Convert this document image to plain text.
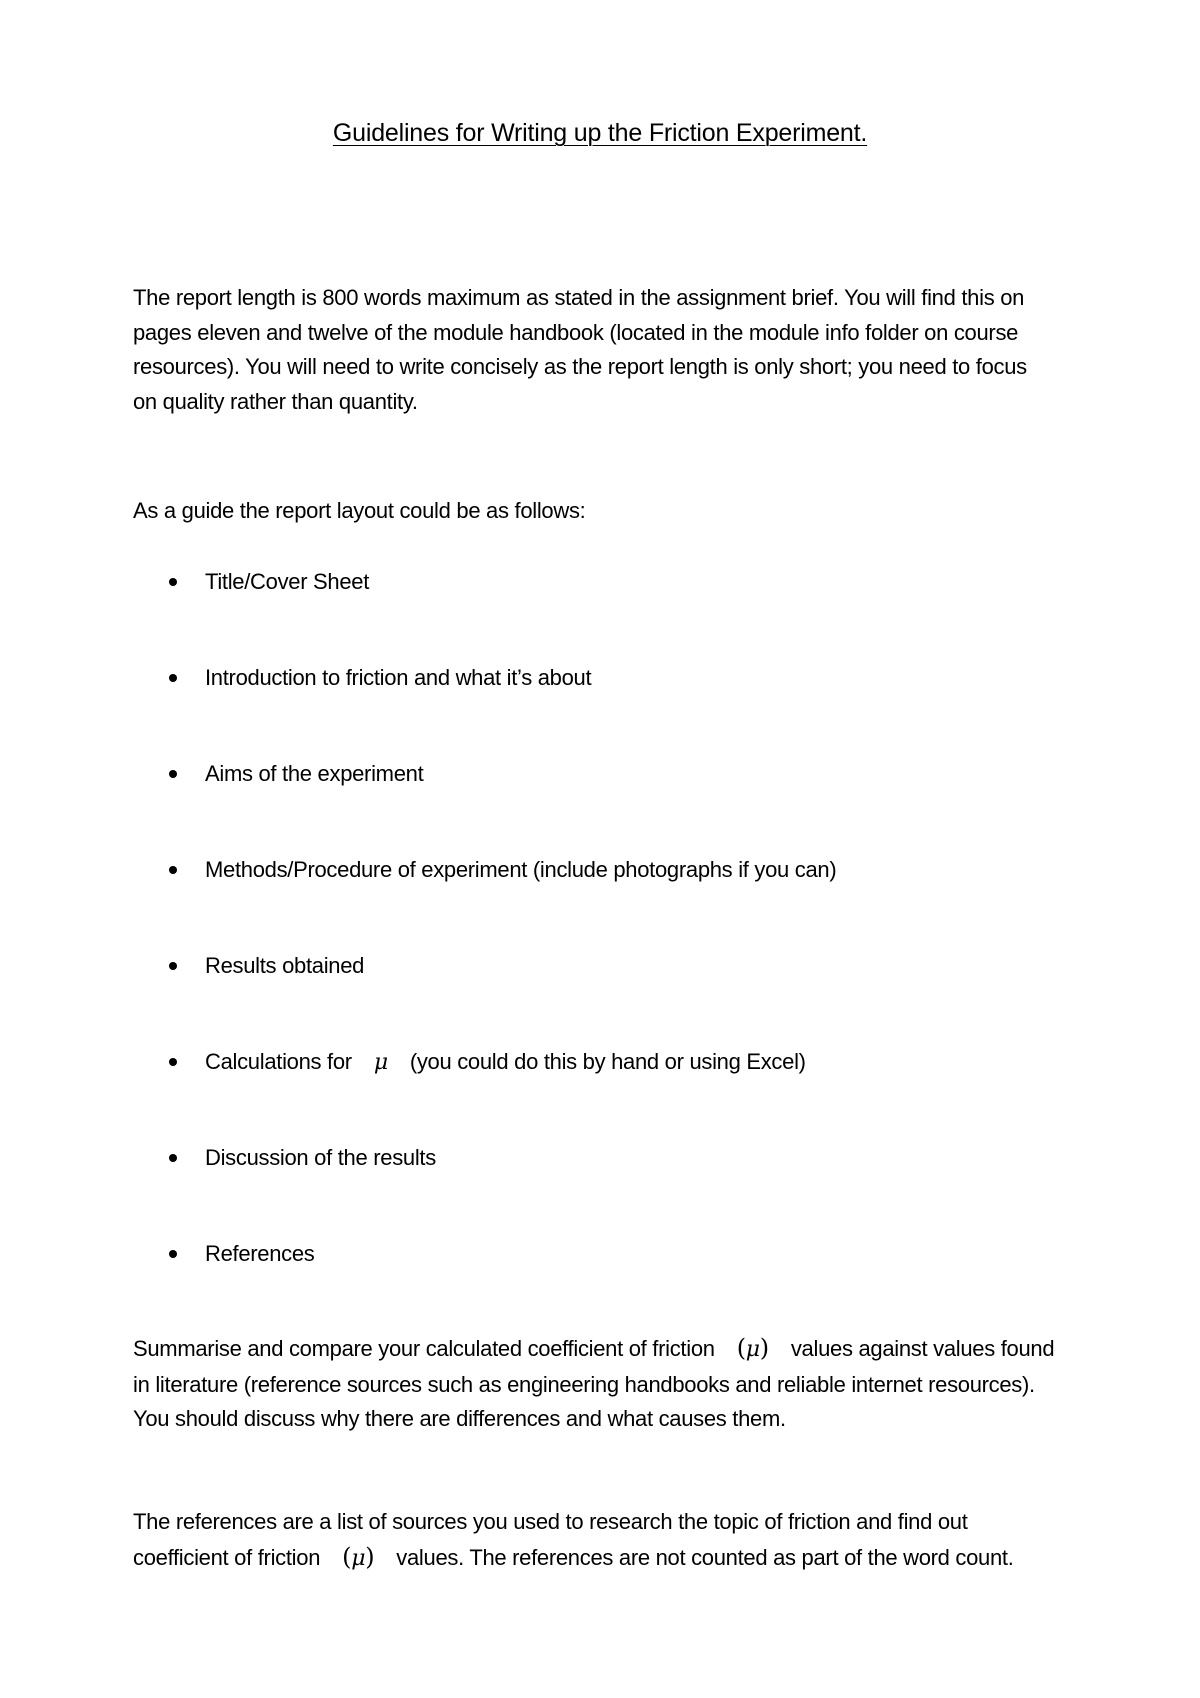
Guidelines for Writing up the Friction Experiment.
The report length is 800 words maximum as stated in the assignment brief. You will find this on
pages eleven and twelve of the module handbook (located in the module info folder on course
resources). You will need to write concisely as the report length is only short; you need to focus
on quality rather than quantity.
As a guide the report layout could be as follows:
Title/Cover Sheet
Introduction to friction and what it’s about
Aims of the experiment
Methods/Procedure of experiment (include photographs if you can)
Results obtained
Calculations for μ (you could do this by hand or using Excel)
Discussion of the results
References
Summarise and compare your calculated coefficient of friction (μ) values against values found
in literature (reference sources such as engineering handbooks and reliable internet resources).
You should discuss why there are differences and what causes them.
The references are a list of sources you used to research the topic of friction and find out
coefficient of friction (μ) values. The references are not counted as part of the word count.
